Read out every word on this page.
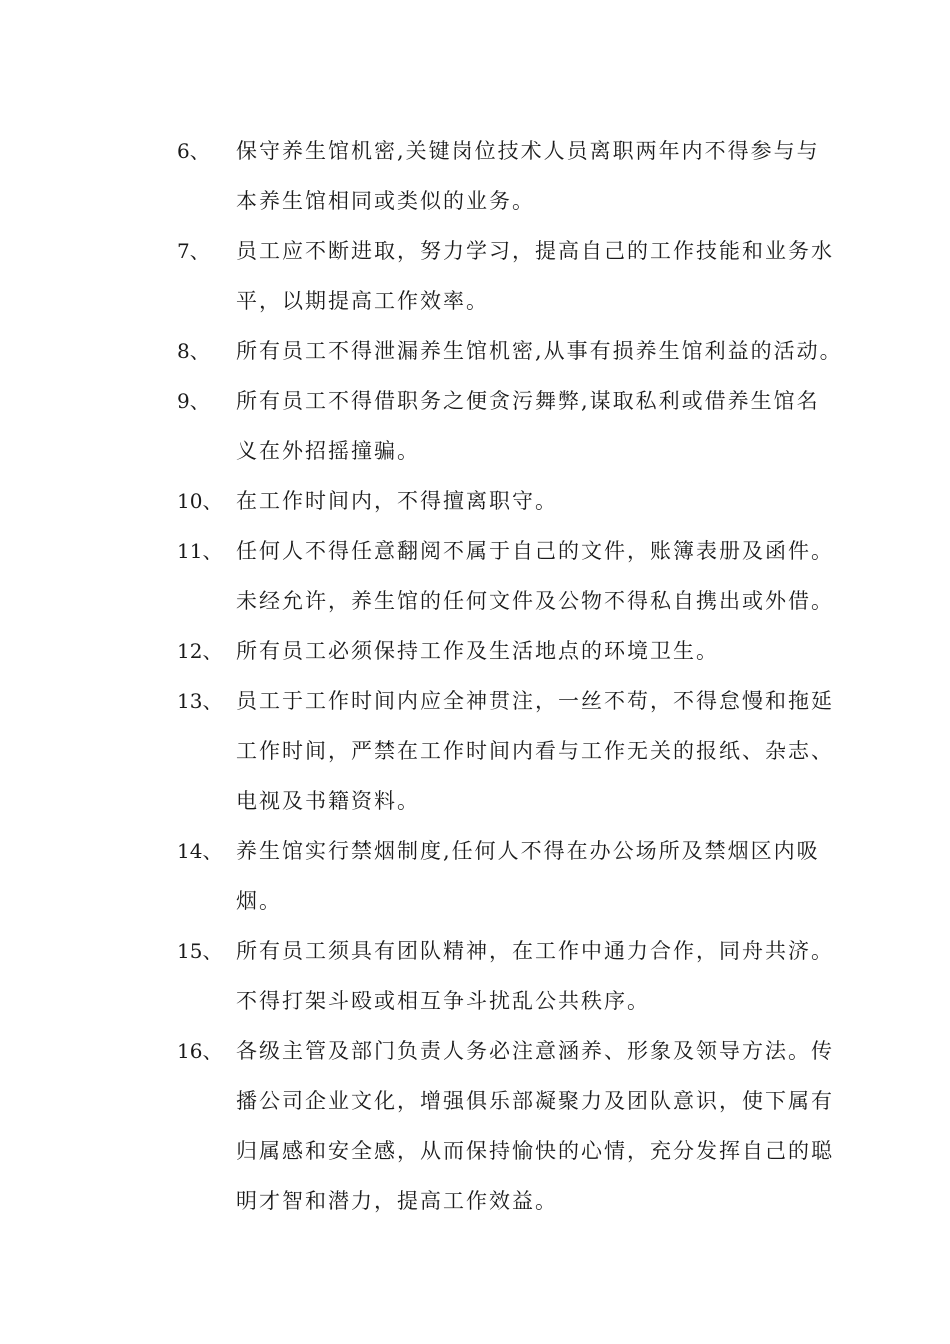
6、	保守养生馆机密,关键岗位技术人员离职两年内不得参与与
本养生馆相同或类似的业务。
7、	员工应不断进取，努力学习，提高自己的工作技能和业务水
平，以期提高工作效率。
8、	所有员工不得泄漏养生馆机密,从事有损养生馆利益的活动。
9、	所有员工不得借职务之便贪污舞弊,谋取私利或借养生馆名
义在外招摇撞骗。
10、 在工作时间内，不得擅离职守。
11、 任何人不得任意翻阅不属于自己的文件，账簿表册及函件。
未经允许，养生馆的任何文件及公物不得私自携出或外借。
12、 所有员工必须保持工作及生活地点的环境卫生。
13、 员工于工作时间内应全神贯注，一丝不苟，不得怠慢和拖延
工作时间，严禁在工作时间内看与工作无关的报纸、杂志、
电视及书籍资料。
14、 养生馆实行禁烟制度,任何人不得在办公场所及禁烟区内吸
烟。
15、 所有员工须具有团队精神，在工作中通力合作，同舟共济。
不得打架斗殴或相互争斗扰乱公共秩序。
16、 各级主管及部门负责人务必注意涵养、形象及领导方法。传
播公司企业文化，增强俱乐部凝聚力及团队意识，使下属有
归属感和安全感，从而保持愉快的心情，充分发挥自己的聪
明才智和潜力，提高工作效益。
